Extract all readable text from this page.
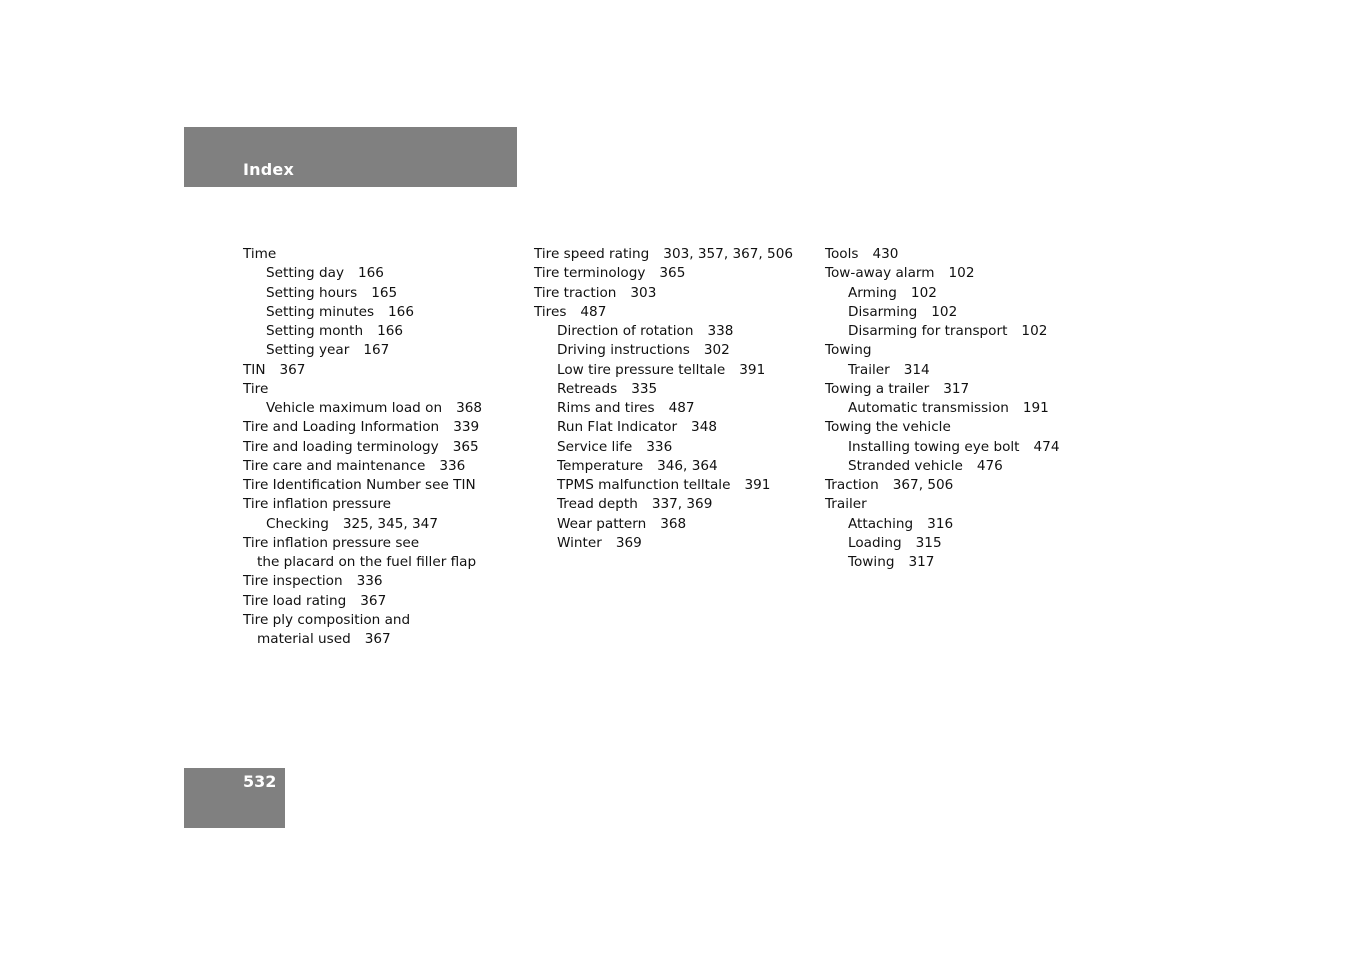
Index
Time
Setting day 166
Setting hours 165
Setting minutes 166
Setting month 166
Setting year 167
TIN 367
Tire
Vehicle maximum load on 368
Tire and Loading Information 339
Tire and loading terminology 365
Tire care and maintenance 336
Tire Identification Number see TIN
Tire inflation pressure
Checking 325, 345, 347
Tire inflation pressure see
the placard on the fuel filler flap
Tire inspection 336
Tire load rating 367
Tire ply composition and
material used 367
Tire speed rating 303, 357, 367, 506
Tire terminology 365
Tire traction 303
Tires 487
Direction of rotation 338
Driving instructions 302
Low tire pressure telltale 391
Retreads 335
Rims and tires 487
Run Flat Indicator 348
Service life 336
Temperature 346, 364
TPMS malfunction telltale 391
Tread depth 337, 369
Wear pattern 368
Winter 369
Tools 430
Tow-away alarm 102
Arming 102
Disarming 102
Disarming for transport 102
Towing
Trailer 314
Towing a trailer 317
Automatic transmission 191
Towing the vehicle
Installing towing eye bolt 474
Stranded vehicle 476
Traction 367, 506
Trailer
Attaching 316
Loading 315
Towing 317
532
